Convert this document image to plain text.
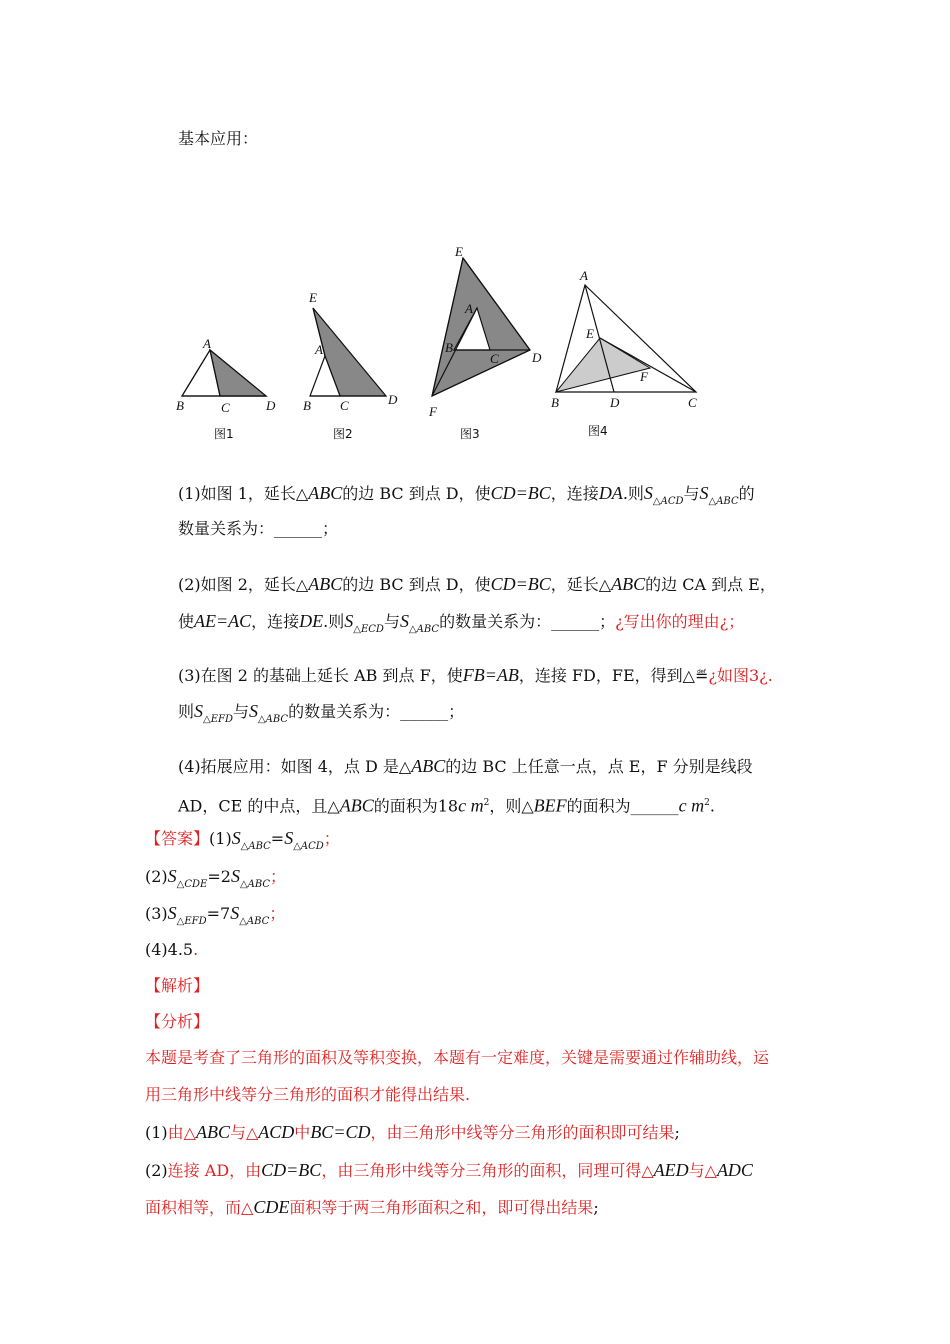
基本应用：
A
B	C	D
E
A
B C	D
E
A
B
C	D
F
A
E
F
B	D	C
图1	图2	图3	图4
(1)如图 1，延长△ABC的边 BC 到点 D，使CD=BC，连接DA.则$S_{\triangle ACD}$与$S_{\triangle ABC}$的
数量关系为：______；
(2)如图 2，延长△ABC的边 BC 到点 D，使CD=BC，延长△ABC的边 CA 到点 E，
使AE=AC，连接DE.则$S_{\triangle ECD}$与$S_{\triangle ABC}$的数量关系为：______；¿写出你的理由¿；
(3)在图 2 的基础上延长 AB 到点 F，使FB=AB，连接 FD，FE，得到△≝¿如图3¿.
则$S_{\triangle EFD}$与$S_{\triangle ABC}$的数量关系为：______；
(4)拓展应用：如图 4，点 D 是△ABC的边 BC 上任意一点，点 E，F 分别是线段
AD，CE 的中点，且△ABC的面积为18c $m^2$，则△BEF的面积为______c $m^2$.
【答案】$(1)S_{\triangle ABC}=S_{\triangle ACD}$；
$(2)S_{\triangle CDE}=2S_{\triangle ABC}$；
$(3)S_{\triangle EFD}=7S_{\triangle ABC}$；
(4)4.5.
【解析】
【分析】
本题是考查了三角形的面积及等积变换，本题有一定难度，关键是需要通过作辅助线，运
用三角形中线等分三角形的面积才能得出结果.
(1)由△ABC与△ACD中BC=CD，由三角形中线等分三角形的面积即可结果;
(2)连接 AD，由CD=BC，由三角形中线等分三角形的面积，同理可得△AED与△ADC
面积相等，而△CDE面积等于两三角形面积之和，即可得出结果;
